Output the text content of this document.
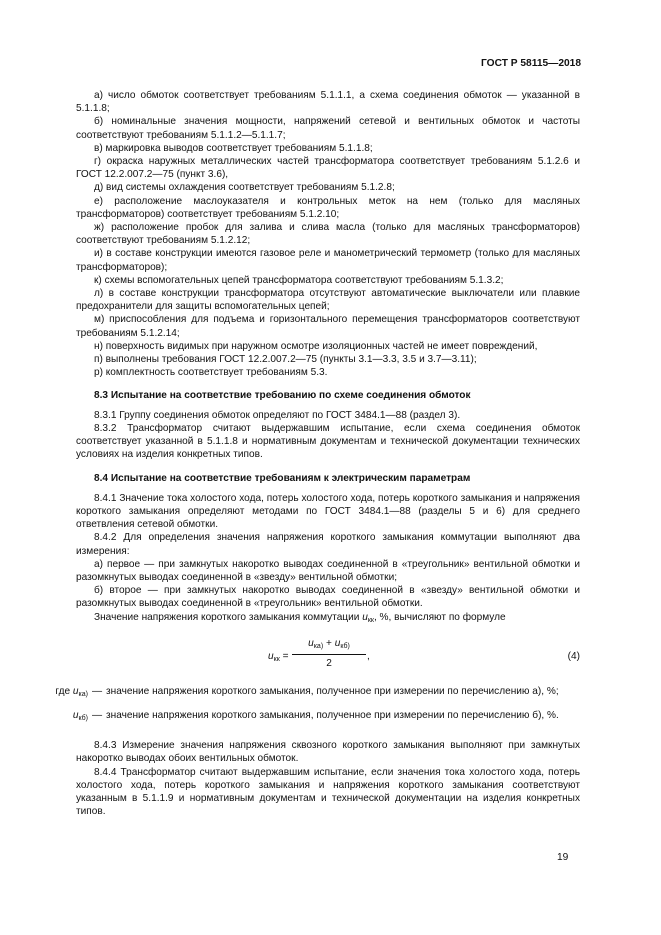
ГОСТ Р 58115—2018

а) число обмоток соответствует требованиям 5.1.1.1, а схема соединения обмоток — указанной в 5.1.1.8;

б) номинальные значения мощности, напряжений сетевой и вентильных обмоток и частоты соответствуют требованиям 5.1.1.2—5.1.1.7;

в) маркировка выводов соответствует требованиям 5.1.1.8;

г) окраска наружных металлических частей трансформатора соответствует требованиям 5.1.2.6 и ГОСТ 12.2.007.2—75 (пункт 3.6),

д) вид системы охлаждения соответствует требованиям 5.1.2.8;

е) расположение маслоуказателя и контрольных меток на нем (только для масляных трансформаторов) соответствует требованиям 5.1.2.10;

ж) расположение пробок для залива и слива масла (только для масляных трансформаторов) соответствуют требованиям 5.1.2.12;

и) в составе конструкции имеются газовое реле и манометрический термометр (только для масляных трансформаторов);

к) схемы вспомогательных цепей трансформатора соответствуют требованиям 5.1.3.2;

л) в составе конструкции трансформатора отсутствуют автоматические выключатели или плавкие предохранители для защиты вспомогательных цепей;

м) приспособления для подъема и горизонтального перемещения трансформаторов соответствуют требованиям 5.1.2.14;

н) поверхность видимых при наружном осмотре изоляционных частей не имеет повреждений,

п) выполнены требования ГОСТ 12.2.007.2—75 (пункты 3.1—3.3, 3.5 и 3.7—3.11);

р) комплектность соответствует требованиям 5.3.

8.3 Испытание на соответствие требованию по схеме соединения обмоток

8.3.1 Группу соединения обмоток определяют по ГОСТ 3484.1—88 (раздел 3).

8.3.2 Трансформатор считают выдержавшим испытание, если схема соединения обмоток соответствует указанной в 5.1.1.8 и нормативным документам и технической документации технических условиях на изделия конкретных типов.

8.4 Испытание на соответствие требованиям к электрическим параметрам

8.4.1 Значение тока холостого хода, потерь холостого хода, потерь короткого замыкания и напряжения короткого замыкания определяют методами по ГОСТ 3484.1—88 (разделы 5 и 6) для среднего ответвления сетевой обмотки.

8.4.2 Для определения значения напряжения короткого замыкания коммутации выполняют два измерения:

а) первое — при замкнутых накоротко выводах соединенной в «треугольник» вентильной обмотки и разомкнутых выводах соединенной в «звезду» вентильной обмотки;

б) второе — при замкнутых накоротко выводах соединенной в «звезду» вентильной обмотки и разомкнутых выводах соединенной в «треугольник» вентильной обмотки.

Значение напряжения короткого замыкания коммутации $u_{кк}$, %, вычисляют по формуле

$u_{кк}$ =
$u_{ка)} + u_{кб)}$
2
,	(4)
где $u_{ка)}$	—	значение напряжения короткого замыкания, полученное при измерении по перечислению а), %;
$u_{кб)}$	—	значение напряжения короткого замыкания, полученное при измерении по перечислению б), %.

8.4.3 Измерение значения напряжения сквозного короткого замыкания выполняют при замкнутых накоротко выводах обоих вентильных обмоток.

8.4.4 Трансформатор считают выдержавшим испытание, если значения тока холостого хода, потерь холостого хода, потерь короткого замыкания и напряжения короткого замыкания соответствуют указанным в 5.1.1.9 и нормативным документам и технической документации на изделия конкретных типов.

19
